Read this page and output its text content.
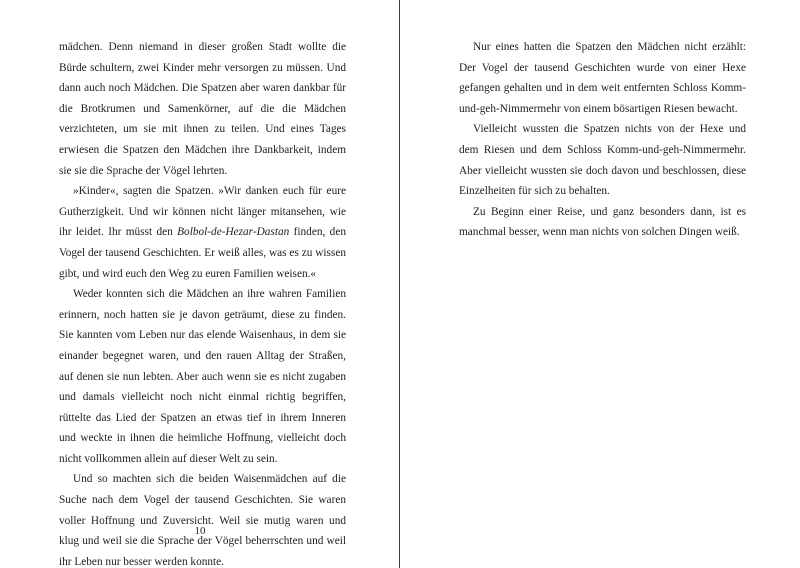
mädchen. Denn niemand in dieser großen Stadt wollte die Bürde schultern, zwei Kinder mehr versorgen zu müssen. Und dann auch noch Mädchen. Die Spatzen aber waren dankbar für die Brotkrumen und Samenkörner, auf die die Mädchen verzichteten, um sie mit ihnen zu teilen. Und eines Tages erwiesen die Spatzen den Mädchen ihre Dankbarkeit, indem sie sie die Sprache der Vögel lehrten.

»Kinder«, sagten die Spatzen. »Wir danken euch für eure Gutherzigkeit. Und wir können nicht länger mitansehen, wie ihr leidet. Ihr müsst den Bolbol-de-Hezar-Dastan finden, den Vogel der tausend Geschichten. Er weiß alles, was es zu wissen gibt, und wird euch den Weg zu euren Familien weisen.«

Weder konnten sich die Mädchen an ihre wahren Familien erinnern, noch hatten sie je davon geträumt, diese zu finden. Sie kannten vom Leben nur das elende Waisenhaus, in dem sie einander begegnet waren, und den rauen Alltag der Straßen, auf denen sie nun lebten. Aber auch wenn sie es nicht zugaben und damals vielleicht noch nicht einmal richtig begriffen, rüttelte das Lied der Spatzen an etwas tief in ihrem Inneren und weckte in ihnen die heimliche Hoffnung, vielleicht doch nicht vollkommen allein auf dieser Welt zu sein.

Und so machten sich die beiden Waisenmädchen auf die Suche nach dem Vogel der tausend Geschichten. Sie waren voller Hoffnung und Zuversicht. Weil sie mutig waren und klug und weil sie die Sprache der Vögel beherrschten und weil ihr Leben nur besser werden konnte.

10

Nur eines hatten die Spatzen den Mädchen nicht erzählt: Der Vogel der tausend Geschichten wurde von einer Hexe gefangen gehalten und in dem weit entfernten Schloss Komm-und-geh-Nimmermehr von einem bösartigen Riesen bewacht.

Vielleicht wussten die Spatzen nichts von der Hexe und dem Riesen und dem Schloss Komm-und-geh-Nimmermehr. Aber vielleicht wussten sie doch davon und beschlossen, diese Einzelheiten für sich zu behalten.

Zu Beginn einer Reise, und ganz besonders dann, ist es manchmal besser, wenn man nichts von solchen Dingen weiß.
